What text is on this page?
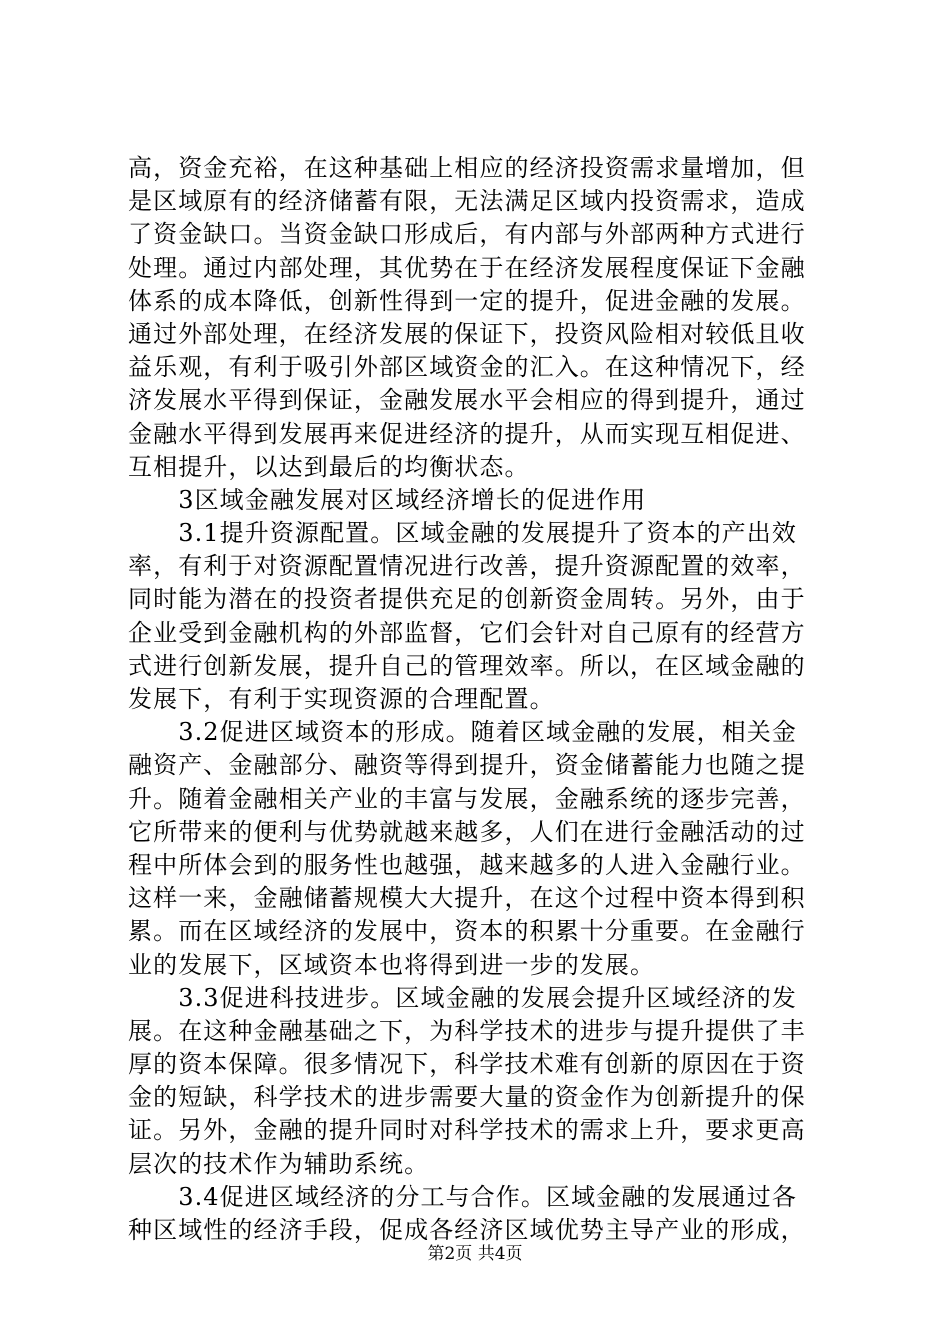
高，资金充裕，在这种基础上相应的经济投资需求量增加，但
是区域原有的经济储蓄有限，无法满足区域内投资需求，造成
了资金缺口。当资金缺口形成后，有内部与外部两种方式进行
处理。通过内部处理，其优势在于在经济发展程度保证下金融
体系的成本降低，创新性得到一定的提升，促进金融的发展。
通过外部处理，在经济发展的保证下，投资风险相对较低且收
益乐观，有利于吸引外部区域资金的汇入。在这种情况下，经
济发展水平得到保证，金融发展水平会相应的得到提升，通过
金融水平得到发展再来促进经济的提升，从而实现互相促进、
互相提升，以达到最后的均衡状态。
　　3区域金融发展对区域经济增长的促进作用
　　3.1提升资源配置。区域金融的发展提升了资本的产出效
率，有利于对资源配置情况进行改善，提升资源配置的效率，
同时能为潜在的投资者提供充足的创新资金周转。另外，由于
企业受到金融机构的外部监督，它们会针对自己原有的经营方
式进行创新发展，提升自己的管理效率。所以，在区域金融的
发展下，有利于实现资源的合理配置。
　　3.2促进区域资本的形成。随着区域金融的发展，相关金
融资产、金融部分、融资等得到提升，资金储蓄能力也随之提
升。随着金融相关产业的丰富与发展，金融系统的逐步完善，
它所带来的便利与优势就越来越多，人们在进行金融活动的过
程中所体会到的服务性也越强，越来越多的人进入金融行业。
这样一来，金融储蓄规模大大提升，在这个过程中资本得到积
累。而在区域经济的发展中，资本的积累十分重要。在金融行
业的发展下，区域资本也将得到进一步的发展。
　　3.3促进科技进步。区域金融的发展会提升区域经济的发
展。在这种金融基础之下，为科学技术的进步与提升提供了丰
厚的资本保障。很多情况下，科学技术难有创新的原因在于资
金的短缺，科学技术的进步需要大量的资金作为创新提升的保
证。另外，金融的提升同时对科学技术的需求上升，要求更高
层次的技术作为辅助系统。
　　3.4促进区域经济的分工与合作。区域金融的发展通过各
种区域性的经济手段，促成各经济区域优势主导产业的形成，
第2页 共4页
